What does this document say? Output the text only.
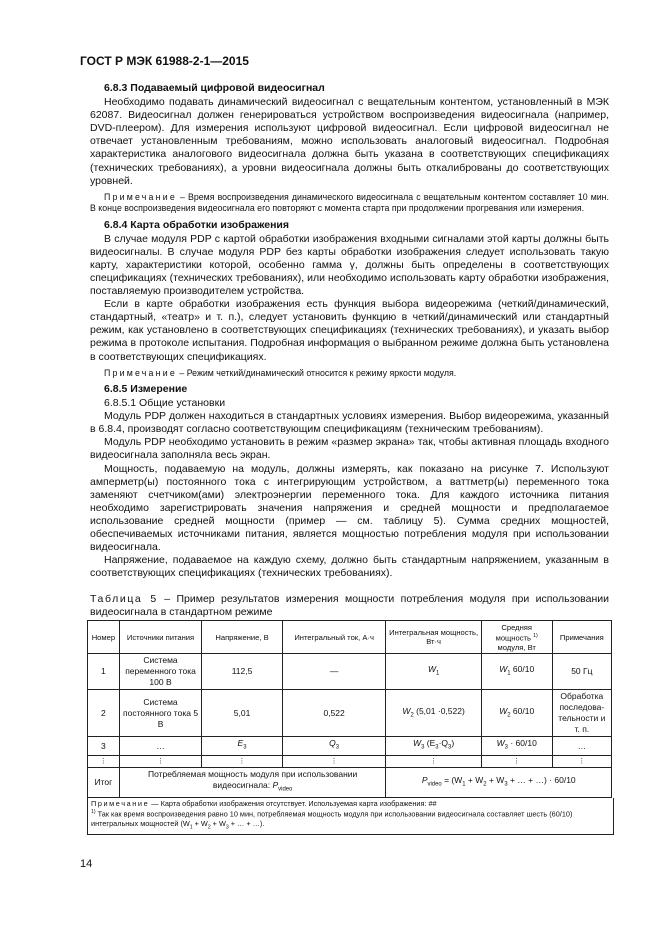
ГОСТ Р МЭК 61988-2-1—2015
6.8.3 Подаваемый цифровой видеосигнал

Необходимо подавать динамический видеосигнал с вещательным контентом, установленный в МЭК 62087. Видеосигнал должен генерироваться устройством воспроизведения видеосигнала (например, DVD-плеером). Для измерения используют цифровой видеосигнал. Если цифровой видеосигнал не отвечает установленным требованиям, можно использовать аналоговый видеосигнал. Подробная характеристика аналогового видеосигнала должна быть указана в соответствующих спецификациях (технических требованиях), а уровни видеосигнала должны быть откалиброваны до соответствующих уровней.

Примечание – Время воспроизведения динамического видеосигнала с вещательным контентом составляет 10 мин. В конце воспроизведения видеосигнала его повторяют с момента старта при продолжении прогревания или измерения.

6.8.4 Карта обработки изображения

В случае модуля PDP с картой обработки изображения входными сигналами этой карты должны быть видеосигналы. В случае модуля PDP без карты обработки изображения следует использовать такую карту, характеристики которой, особенно гамма γ, должны быть определены в соответствующих спецификациях (технических требованиях), или необходимо использовать карту обработки изображения, поставляемую производителем устройства.

Если в карте обработки изображения есть функция выбора видеорежима (четкий/динамический, стандартный, «театр» и т. п.), следует установить функцию в четкий/динамический или стандартный режим, как установлено в соответствующих спецификациях (технических требованиях), и указать выбор режима в протоколе испытания. Подробная информация о выбранном режиме должна быть установлена в соответствующих спецификациях.

Примечание – Режим четкий/динамический относится к режиму яркости модуля.

6.8.5 Измерение
6.8.5.1 Общие установки

Модуль PDP должен находиться в стандартных условиях измерения. Выбор видеорежима, указанный в 6.8.4, производят согласно соответствующим спецификациям (техническим требованиям).

Модуль PDP необходимо установить в режим «размер экрана» так, чтобы активная площадь входного видеосигнала заполняла весь экран.

Мощность, подаваемую на модуль, должны измерять, как показано на рисунке 7. Используют амперметр(ы) постоянного тока с интегрирующим устройством, а ваттметр(ы) переменного тока заменяют счетчиком(ами) электроэнергии переменного тока. Для каждого источника питания необходимо зарегистрировать значения напряжения и средней мощности и предполагаемое использование средней мощности (пример — см. таблицу 5). Сумма средних мощностей, обеспечиваемых источниками питания, является мощностью потребления модуля при использовании видеосигнала.

Напряжение, подаваемое на каждую схему, должно быть стандартным напряжением, указанным в соответствующих спецификациях (технических требованиях).

Таблица 5 – Пример результатов измерения мощности потребления модуля при использовании видеосигнала в стандартном режиме
Номер	Источники питания	Напряжение, В	Интегральный ток, А·ч	Интегральная мощность, Вт·ч	Средняя мощность $^{1)}$ модуля, Вт	Примечания
1	Система переменного тока 100 В	112,5	—	$W_1$	$W_1$ 60/10	50 Гц
2	Система постоянного тока 5 В	5,01	0,522	$W_2$ (5,01 ·0,522)	$W_2$ 60/10	Обработка последова-тельности и т. п.
3	…	$E_3$	$Q_3$	$W_3$ $(E_3\cdot Q_3)$	$W_3 \cdot 60/10$	…
⋮	⋮	⋮	⋮	⋮	⋮	⋮
Итог	Потребляемая мощность модуля при использовании видеосигнала: $P_{video}$			$P_{video} = (W_1 + W_2 + W_3$ + … + …) · 60/10		
Примечание — Карта обработки изображения отсутствует. Используемая карта изображения: ##
$^{1)}$ Так как время воспроизведения равно 10 мин, потребляемая мощность модуля при использовании видеосигнала составляет шесть (60/10) интегральных мощностей ($W_1 + W_2 + W_3$ + … + …).
14
